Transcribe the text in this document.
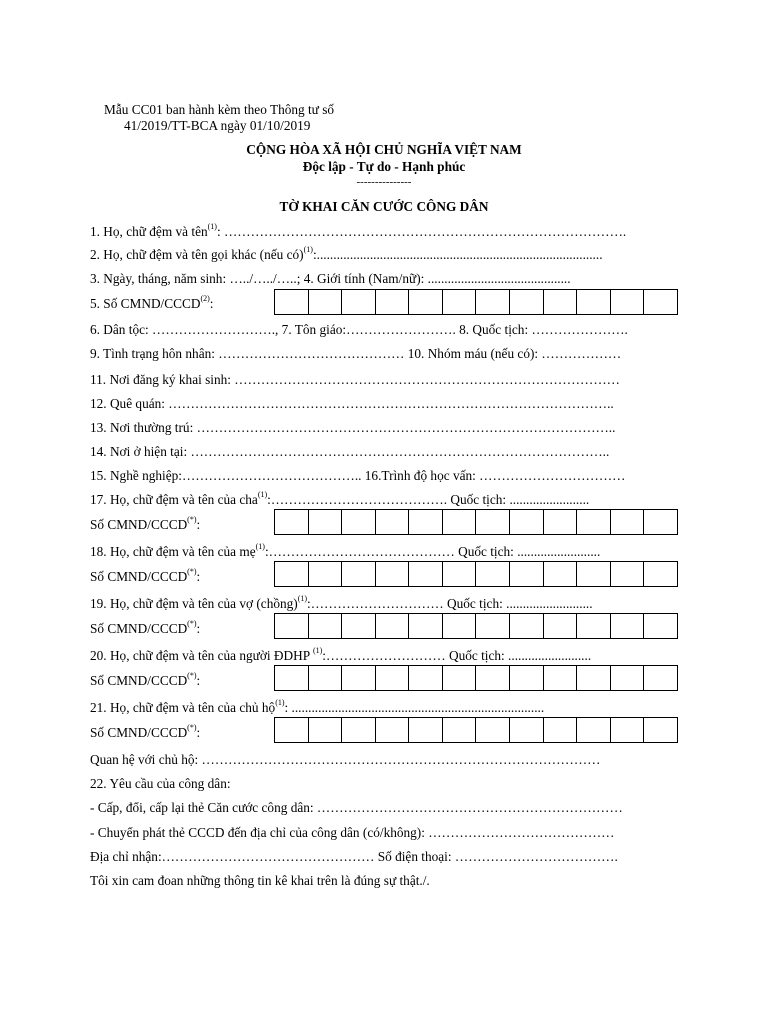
Mẫu CC01 ban hành kèm theo Thông tư số
41/2019/TT-BCA ngày 01/10/2019
CỘNG HÒA XÃ HỘI CHỦ NGHĨA VIỆT NAM
Độc lập - Tự do - Hạnh phúc
---------------
TỜ KHAI CĂN CƯỚC CÔNG DÂN
1. Họ, chữ đệm và tên$^{(1)}$: ……………………………………………………………………………….
2. Họ, chữ đệm và tên gọi khác (nếu có)$^{(1)}$:......................................................................................
3. Ngày, tháng, năm sinh: …../…../…..; 4. Giới tính (Nam/nữ): ...........................................
5. Số CMND/CCCD$^{(2)}$:
6. Dân tộc: ………………………., 7. Tôn giáo:……………………. 8. Quốc tịch: ………………….
9. Tình trạng hôn nhân: …………………………………… 10. Nhóm máu (nếu có): ………………
11. Nơi đăng ký khai sinh: ……………………………………………………………………………
12. Quê quán: ………………………………………………………………………………………..
13. Nơi thường trú: …………………………………………………………………………………..
14. Nơi ở hiện tại: …………………………………………………………………………………..
15. Nghề nghiệp:………………………………….. 16.Trình độ học vấn: ……………………………
17. Họ, chữ đệm và tên của cha$^{(1)}$:…………………………………. Quốc tịch: ........................
Số CMND/CCCD(*):
18. Họ, chữ đệm và tên của mẹ$^{(1)}$:…………………………………… Quốc tịch: .........................
Số CMND/CCCD(*):
19. Họ, chữ đệm và tên của vợ (chồng)$^{(1)}$:………………………… Quốc tịch: ..........................
Số CMND/CCCD(*):
20. Họ, chữ đệm và tên của người ĐDHP $^{(1)}$:……………………… Quốc tịch: .........................
Số CMND/CCCD(*):
21. Họ, chữ đệm và tên của chủ hộ$^{(1)}$: ............................................................................
Số CMND/CCCD(*):
Quan hệ với chủ hộ: ………………………………………………………………………………
22. Yêu cầu của công dân:
- Cấp, đổi, cấp lại thẻ Căn cước công dân: ……………………………………………………………
- Chuyển phát thẻ CCCD đến địa chỉ của công dân (có/không): ……………………………………
Địa chỉ nhận:………………………………………… Số điện thoại: ……………………………….
Tôi xin cam đoan những thông tin kê khai trên là đúng sự thật./.
